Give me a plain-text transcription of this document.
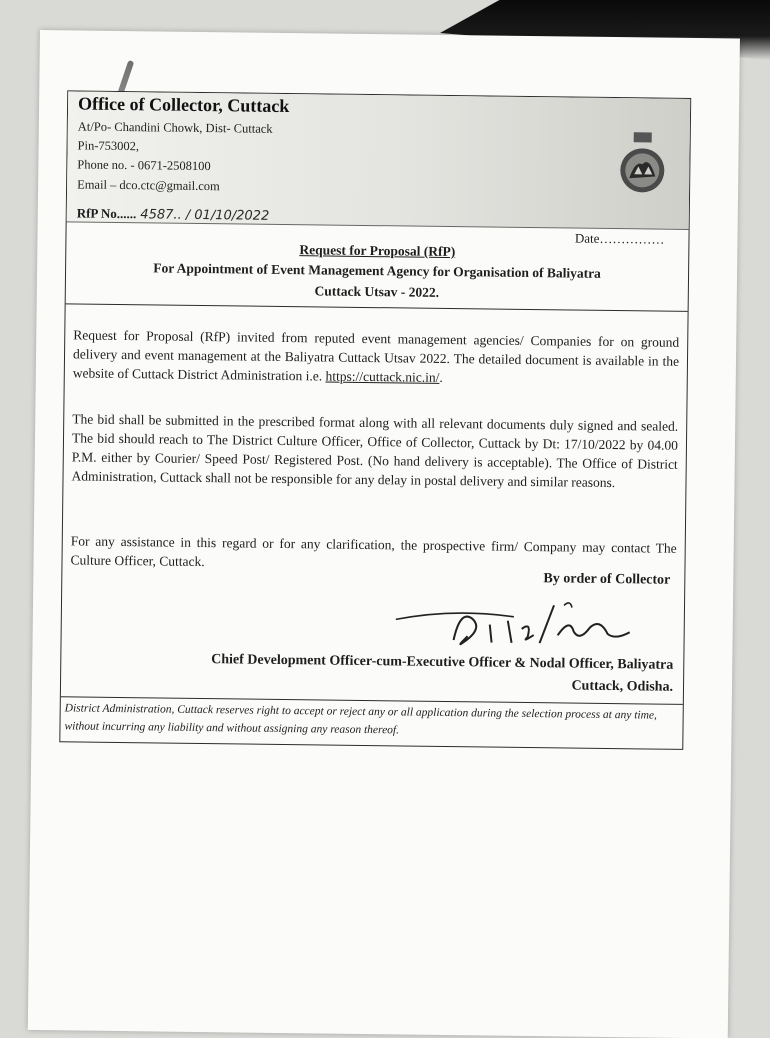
Office of Collector, Cuttack
At/Po- Chandini Chowk, Dist- Cuttack
Pin-753002,
Phone no. - 0671-2508100
Email – dco.ctc@gmail.com
RfP No...... 4587.. / 01/10/2022
Date……………
Request for Proposal (RfP)
For Appointment of Event Management Agency for Organisation of Baliyatra
Cuttack Utsav - 2022.
Request for Proposal (RfP) invited from reputed event management agencies/ Companies for on ground delivery and event management at the Baliyatra Cuttack Utsav 2022. The detailed document is available in the website of Cuttack District Administration i.e. https://cuttack.nic.in/.
The bid shall be submitted in the prescribed format along with all relevant documents duly signed and sealed. The bid should reach to The District Culture Officer, Office of Collector, Cuttack by Dt: 17/10/2022 by 04.00 P.M. either by Courier/ Speed Post/ Registered Post. (No hand delivery is acceptable). The Office of District Administration, Cuttack shall not be responsible for any delay in postal delivery and similar reasons.
For any assistance in this regard or for any clarification, the prospective firm/ Company may contact The Culture Officer, Cuttack.
By order of Collector
Chief Development Officer-cum-Executive Officer & Nodal Officer, Baliyatra
Cuttack, Odisha.
District Administration, Cuttack reserves right to accept or reject any or all application during the selection process at any time, without incurring any liability and without assigning any reason thereof.
